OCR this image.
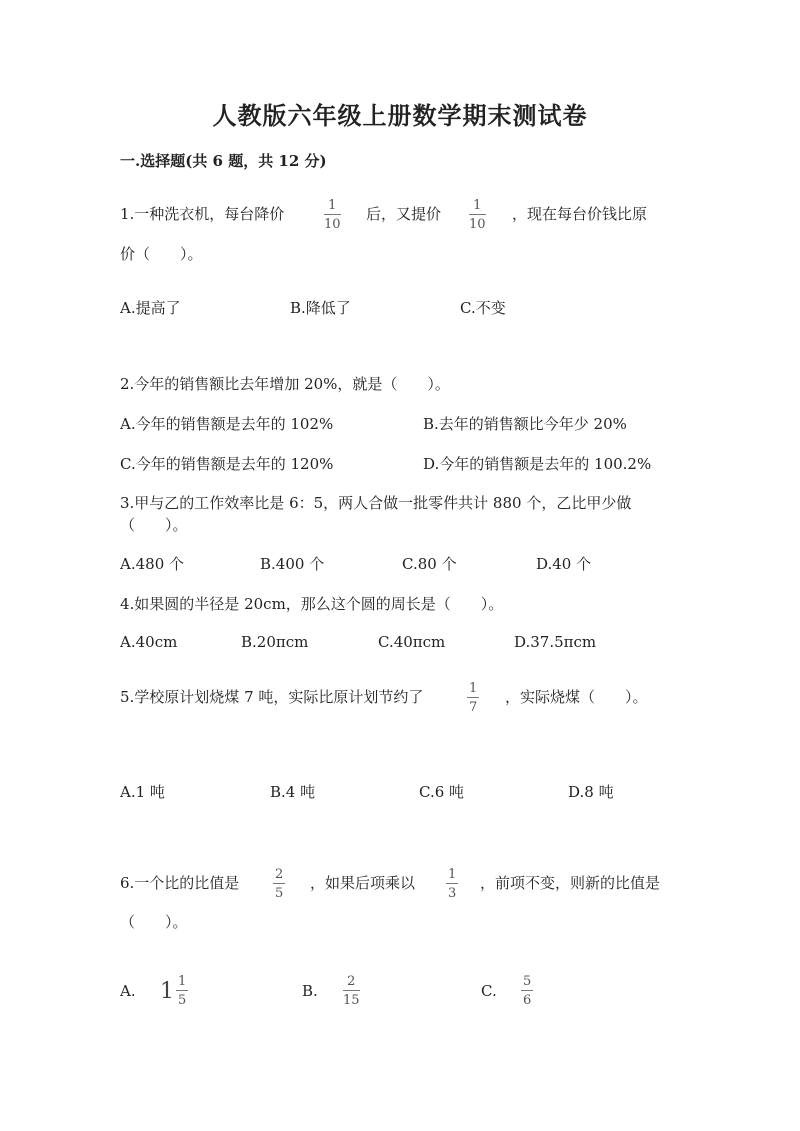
人教版六年级上册数学期末测试卷
一.选择题(共 6 题，共 12 分)
1.一种洗衣机，每台降价	1
10
后，又提价 1
10
，现在每台价钱比原
价（　　）。
A.提高了	B.降低了	C.不变
2.今年的销售额比去年增加 20%，就是（　　）。
A.今年的销售额是去年的 102%	B.去年的销售额比今年少 20%
C.今年的销售额是去年的 120%	D.今年的销售额是去年的 100.2%
3.甲与乙的工作效率比是 6：5，两人合做一批零件共计 880 个，乙比甲少做
（　　）。
A.480 个	B.400 个	C.80 个	D.40 个
4.如果圆的半径是 20cm，那么这个圆的周长是（　　）。
A.40cm	B.20πcm	C.40πcm	D.37.5πcm
5.学校原计划烧煤 7 吨，实际比原计划节约了	1
7
，实际烧煤（　　）。
A.1 吨	B.4 吨	C.6 吨	D.8 吨
6.一个比的比值是	2
5
，如果后项乘以	1
3
，前项不变，则新的比值是
（　　）。
A. $1 \frac{1}{5}$	B.
2
15
C.
5
6
